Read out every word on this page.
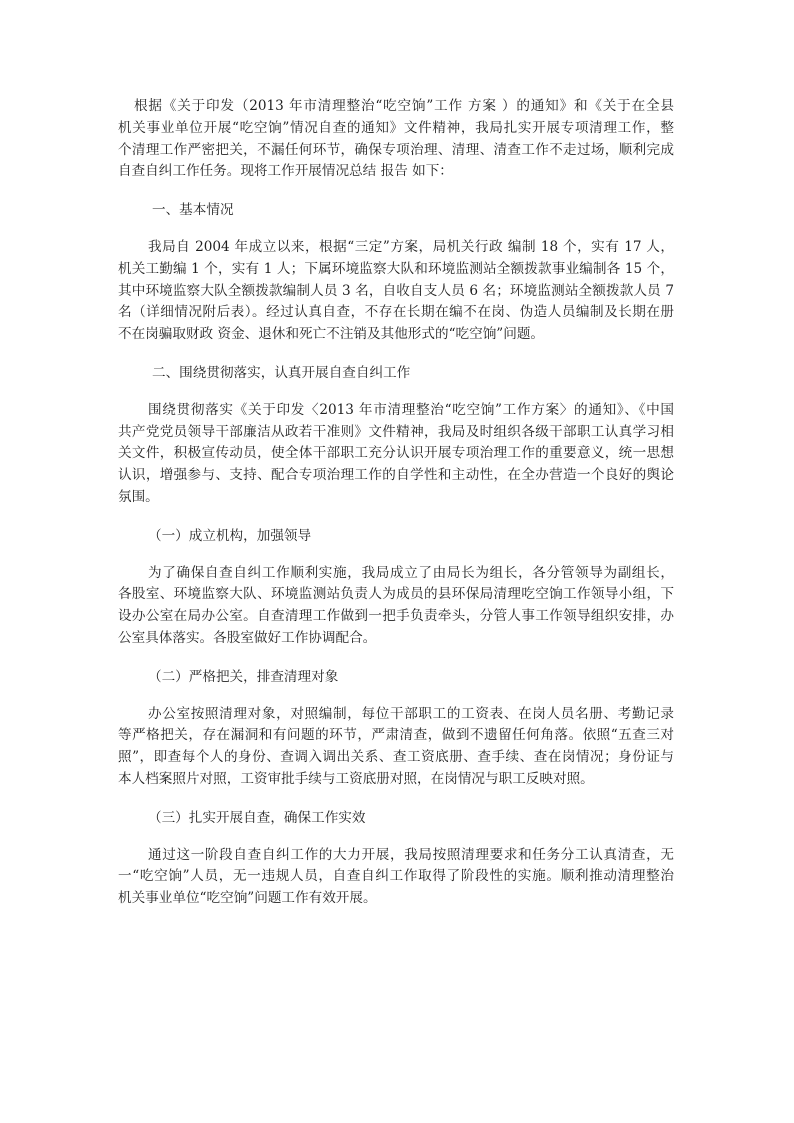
根据《关于印发（2013 年市清理整治“吃空饷”工作 方案 ）的通知》和《关于在全县
机关事业单位开展“吃空饷”情况自查的通知》文件精神，我局扎实开展专项清理工作，整
个清理工作严密把关，不漏任何环节，确保专项治理、清理、清查工作不走过场，顺利完成
自查自纠工作任务。现将工作开展情况总结 报告 如下：
一、基本情况
我局自 2004 年成立以来，根据“三定”方案，局机关行政 编制 18 个，实有 17 人，
机关工勤编 1 个，实有 1 人；下属环境监察大队和环境监测站全额拨款事业编制各 15 个，
其中环境监察大队全额拨款编制人员 3 名，自收自支人员 6 名；环境监测站全额拨款人员 7
名（详细情况附后表）。经过认真自查，不存在长期在编不在岗、伪造人员编制及长期在册
不在岗骗取财政 资金、退休和死亡不注销及其他形式的“吃空饷”问题。
二、围绕贯彻落实，认真开展自查自纠工作
围绕贯彻落实《关于印发〈2013 年市清理整治“吃空饷”工作方案〉的通知》、《中国
共产党党员领导干部廉洁从政若干准则》文件精神，我局及时组织各级干部职工认真学习相
关文件，积极宣传动员，使全体干部职工充分认识开展专项治理工作的重要意义，统一思想
认识，增强参与、支持、配合专项治理工作的自学性和主动性，在全办营造一个良好的舆论
氛围。
（一）成立机构，加强领导
为了确保自查自纠工作顺利实施，我局成立了由局长为组长，各分管领导为副组长，
各股室、环境监察大队、环境监测站负责人为成员的县环保局清理吃空饷工作领导小组，下
设办公室在局办公室。自查清理工作做到一把手负责牵头，分管人事工作领导组织安排，办
公室具体落实。各股室做好工作协调配合。
（二）严格把关，排查清理对象
办公室按照清理对象，对照编制，每位干部职工的工资表、在岗人员名册、考勤记录
等严格把关，存在漏洞和有问题的环节，严肃清查，做到不遗留任何角落。依照“五查三对
照”，即查每个人的身份、查调入调出关系、查工资底册、查手续、查在岗情况；身份证与
本人档案照片对照，工资审批手续与工资底册对照，在岗情况与职工反映对照。
（三）扎实开展自查，确保工作实效
通过这一阶段自查自纠工作的大力开展，我局按照清理要求和任务分工认真清查，无
一“吃空饷”人员，无一违规人员，自查自纠工作取得了阶段性的实施。顺利推动清理整治
机关事业单位“吃空饷”问题工作有效开展。
